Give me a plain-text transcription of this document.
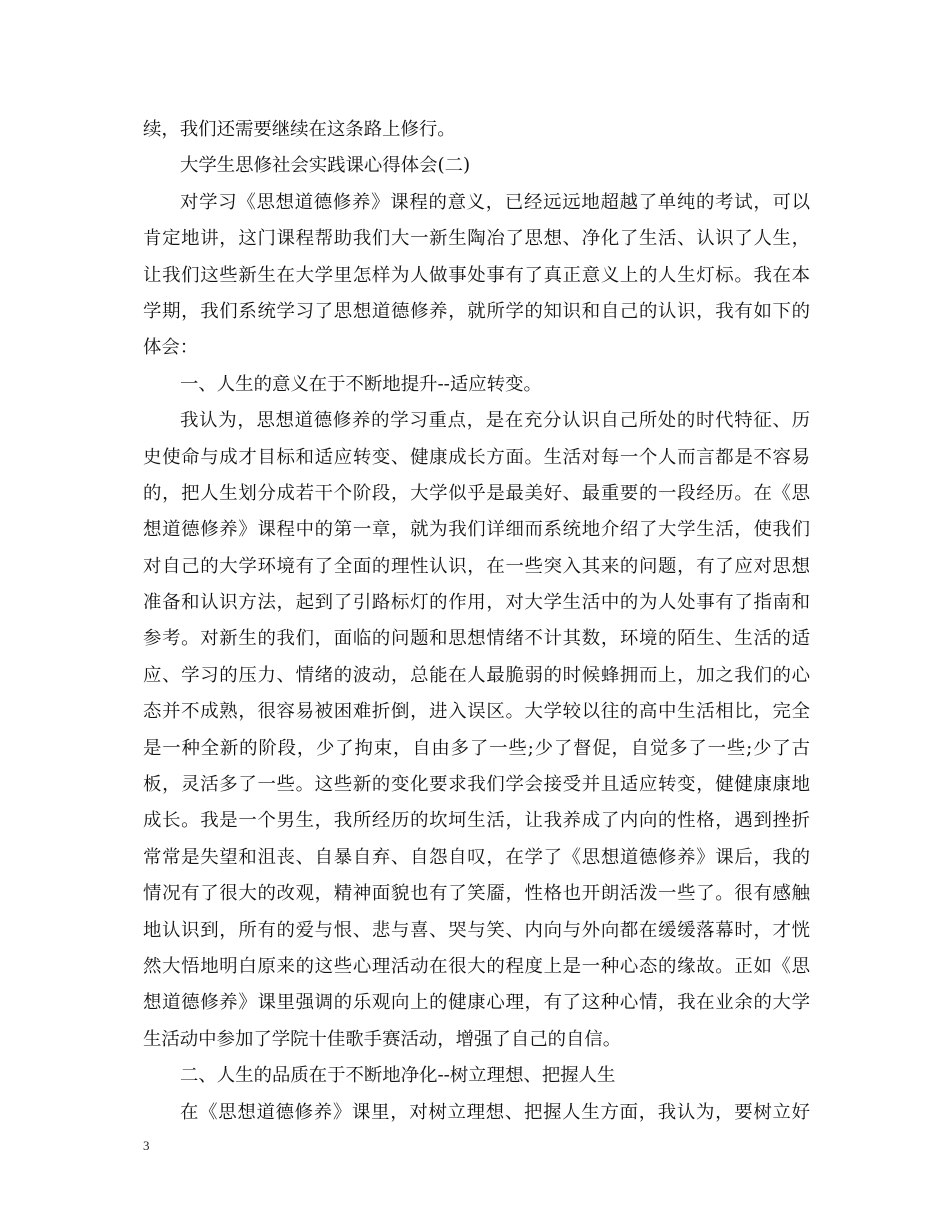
续，我们还需要继续在这条路上修行。
大学生思修社会实践课心得体会(二)
对学习《思想道德修养》课程的意义，已经远远地超越了单纯的考试，可以
肯定地讲，这门课程帮助我们大一新生陶冶了思想、净化了生活、认识了人生，
让我们这些新生在大学里怎样为人做事处事有了真正意义上的人生灯标。我在本
学期，我们系统学习了思想道德修养，就所学的知识和自己的认识，我有如下的
体会：
一、人生的意义在于不断地提升--适应转变。
我认为，思想道德修养的学习重点，是在充分认识自己所处的时代特征、历
史使命与成才目标和适应转变、健康成长方面。生活对每一个人而言都是不容易
的，把人生划分成若干个阶段，大学似乎是最美好、最重要的一段经历。在《思
想道德修养》课程中的第一章，就为我们详细而系统地介绍了大学生活，使我们
对自己的大学环境有了全面的理性认识，在一些突入其来的问题，有了应对思想
准备和认识方法，起到了引路标灯的作用，对大学生活中的为人处事有了指南和
参考。对新生的我们，面临的问题和思想情绪不计其数，环境的陌生、生活的适
应、学习的压力、情绪的波动，总能在人最脆弱的时候蜂拥而上，加之我们的心
态并不成熟，很容易被困难折倒，进入误区。大学较以往的高中生活相比，完全
是一种全新的阶段，少了拘束，自由多了一些;少了督促，自觉多了一些;少了古
板，灵活多了一些。这些新的变化要求我们学会接受并且适应转变，健健康康地
成长。我是一个男生，我所经历的坎坷生活，让我养成了内向的性格，遇到挫折
常常是失望和沮丧、自暴自弃、自怨自叹，在学了《思想道德修养》课后，我的
情况有了很大的改观，精神面貌也有了笑靥，性格也开朗活泼一些了。很有感触
地认识到，所有的爱与恨、悲与喜、哭与笑、内向与外向都在缓缓落幕时，才恍
然大悟地明白原来的这些心理活动在很大的程度上是一种心态的缘故。正如《思
想道德修养》课里强调的乐观向上的健康心理，有了这种心情，我在业余的大学
生活动中参加了学院十佳歌手赛活动，增强了自己的自信。
二、人生的品质在于不断地净化--树立理想、把握人生
在《思想道德修养》课里，对树立理想、把握人生方面，我认为，要树立好
3
